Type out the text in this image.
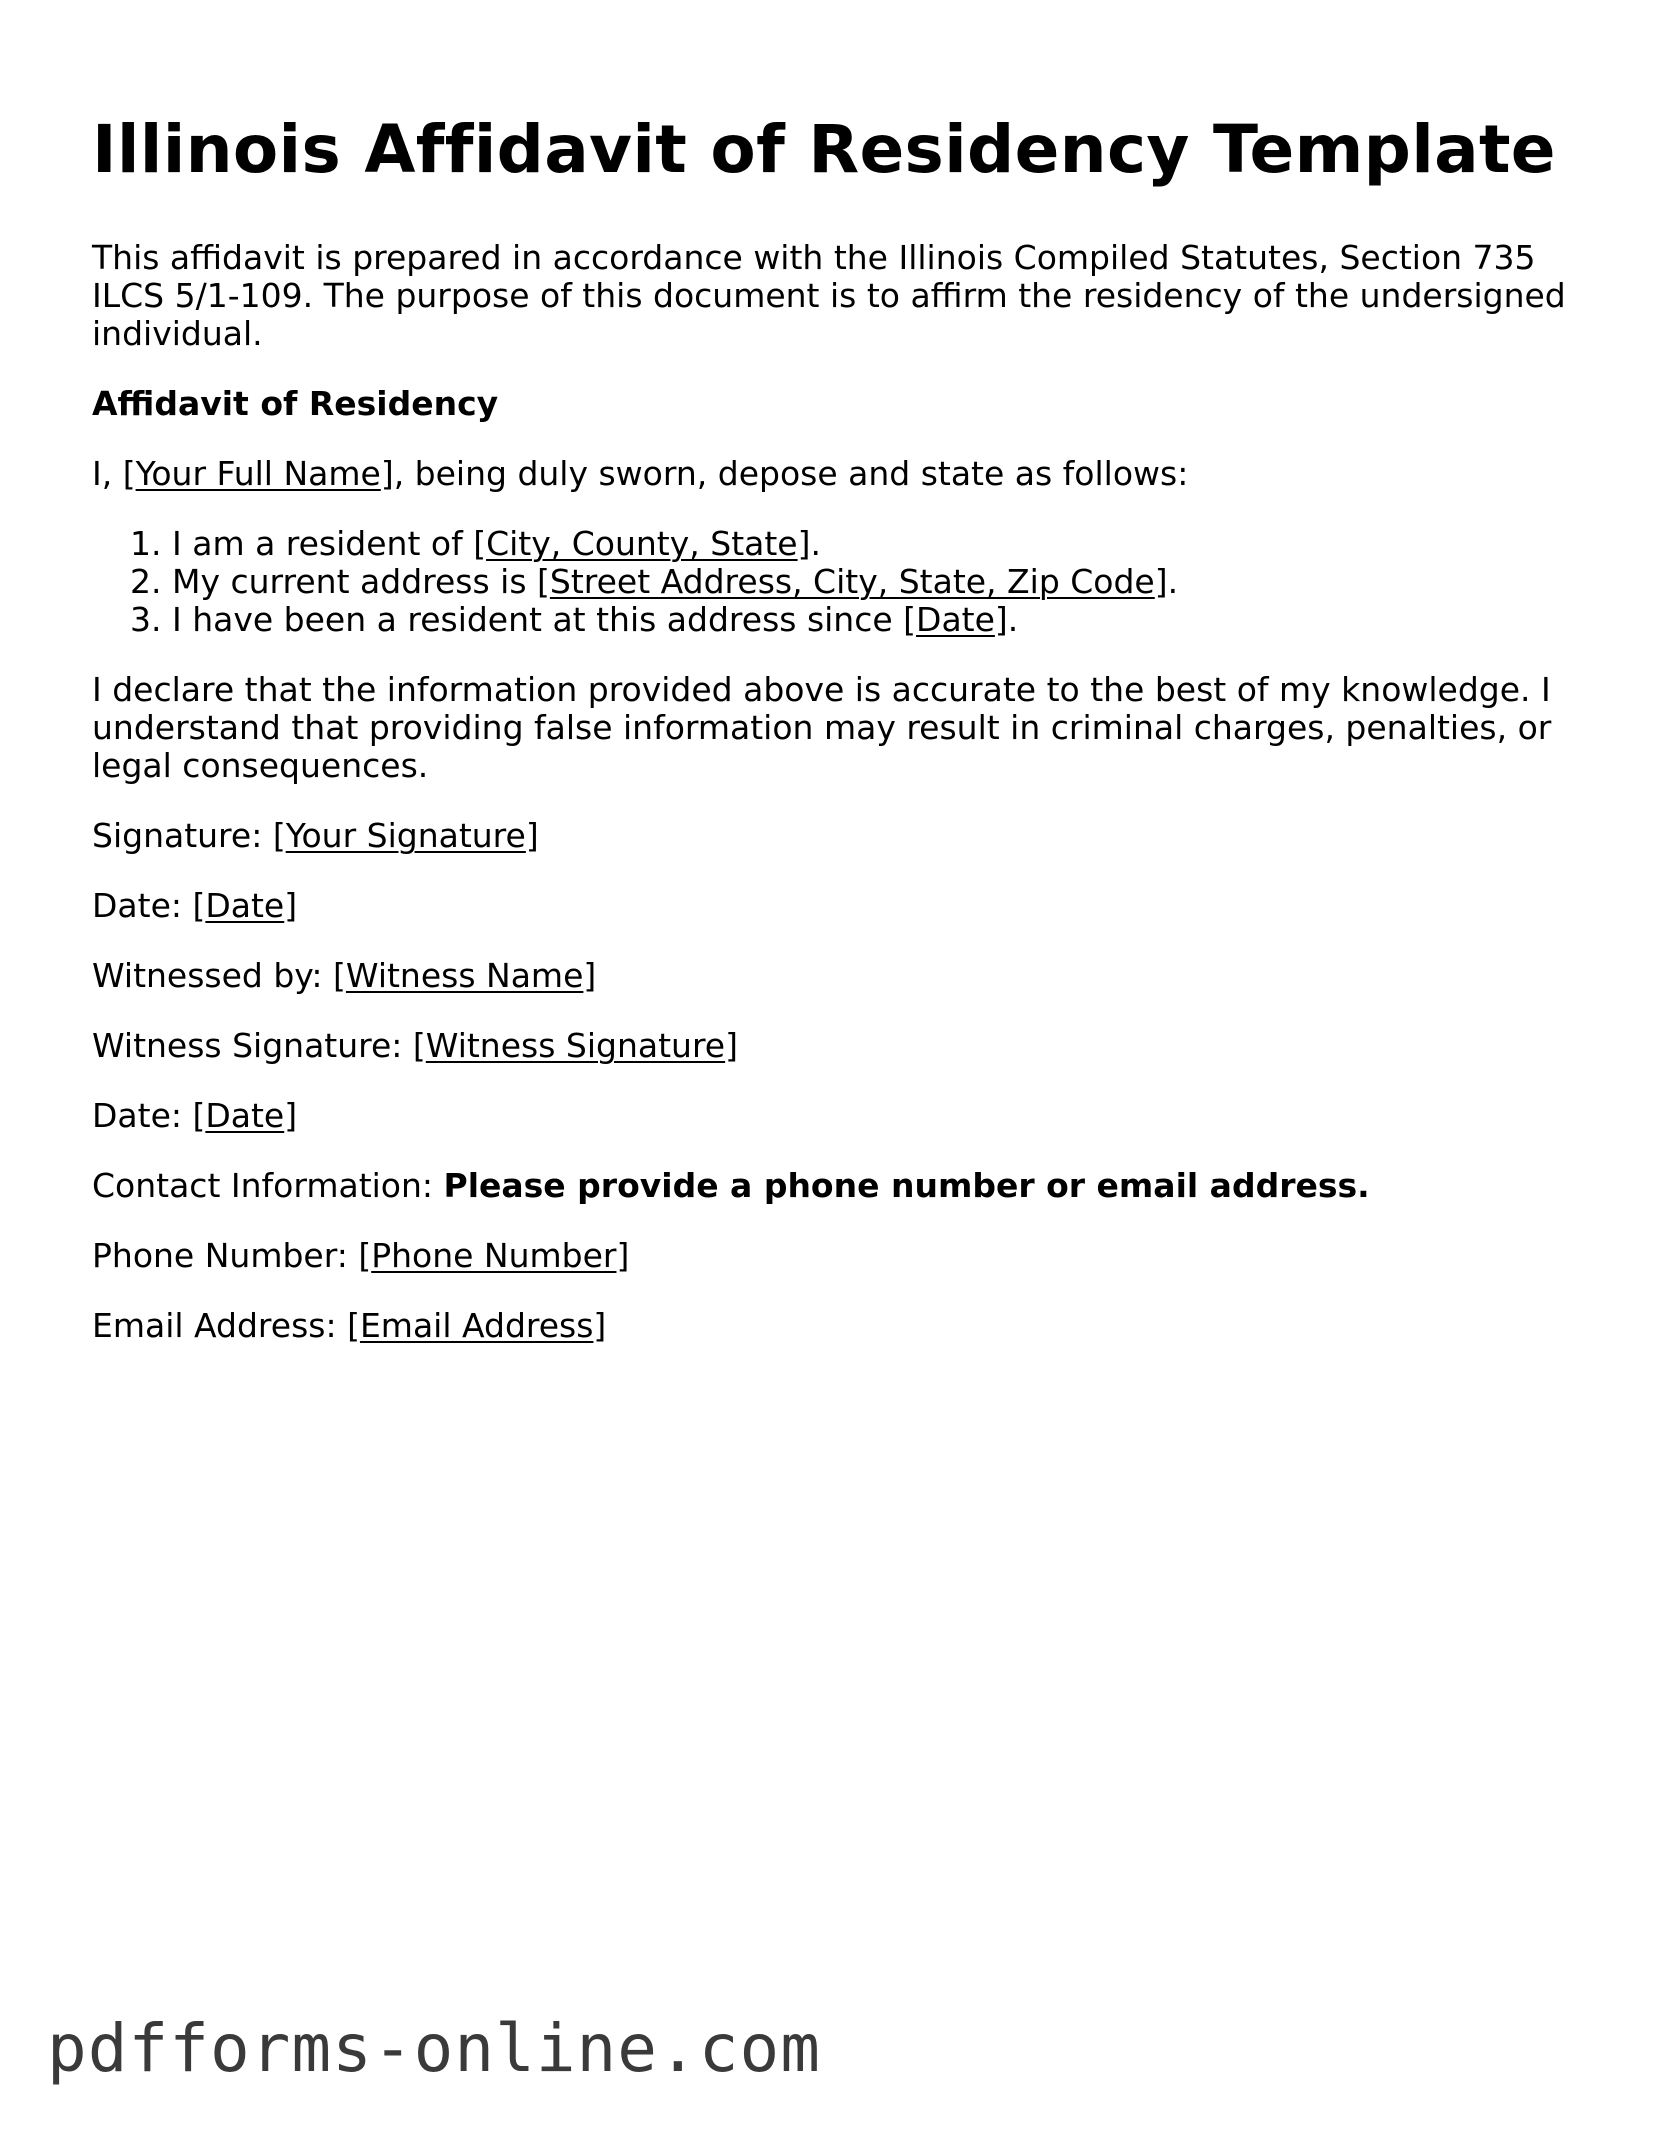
Illinois Affidavit of Residency Template

This affidavit is prepared in accordance with the Illinois Compiled Statutes, Section 735 ILCS 5/1-109. The purpose of this document is to affirm the residency of the undersigned individual.

Affidavit of Residency

I, [Your Full Name], being duly sworn, depose and state as follows:

1. I am a resident of [City, County, State].
2. My current address is [Street Address, City, State, Zip Code].
3. I have been a resident at this address since [Date].

I declare that the information provided above is accurate to the best of my knowledge. I understand that providing false information may result in criminal charges, penalties, or legal consequences.

Signature: [Your Signature]

Date: [Date]

Witnessed by: [Witness Name]

Witness Signature: [Witness Signature]

Date: [Date]

Contact Information: Please provide a phone number or email address.

Phone Number: [Phone Number]

Email Address: [Email Address]

pdfforms-online.com
